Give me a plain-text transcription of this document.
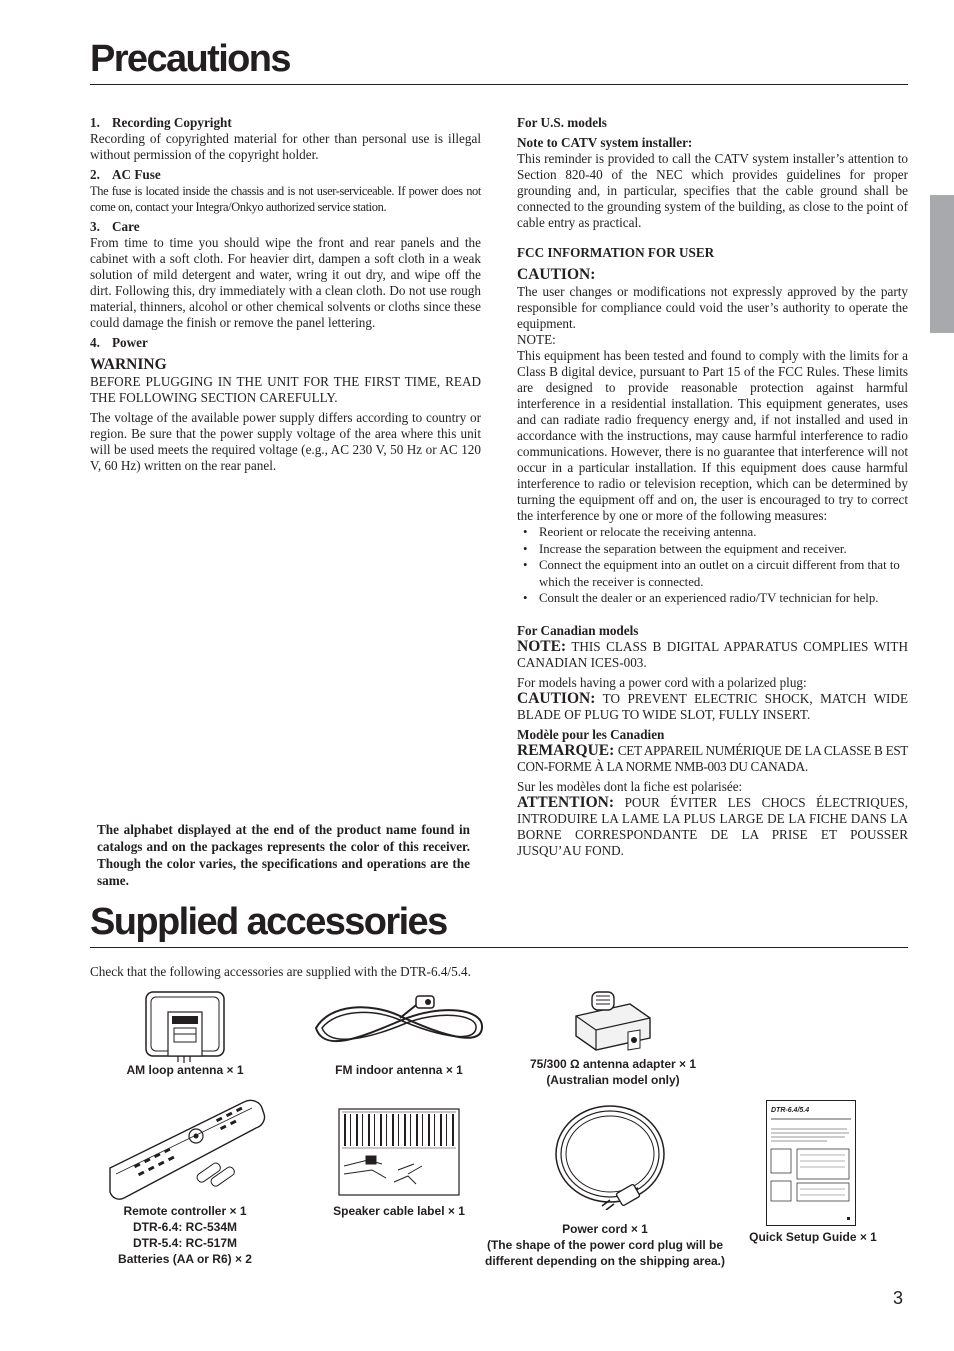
Precautions

1. Recording Copyright

Recording of copyrighted material for other than personal use is illegal without permission of the copyright holder.

2. AC Fuse

The fuse is located inside the chassis and is not user-serviceable. If power does not come on, contact your Integra/Onkyo authorized service station.

3. Care

From time to time you should wipe the front and rear panels and the cabinet with a soft cloth. For heavier dirt, dampen a soft cloth in a weak solution of mild detergent and water, wring it out dry, and wipe off the dirt. Following this, dry immediately with a clean cloth. Do not use rough material, thinners, alcohol or other chemical solvents or cloths since these could damage the finish or remove the panel lettering.

4. Power

WARNING

BEFORE PLUGGING IN THE UNIT FOR THE FIRST TIME, READ THE FOLLOWING SECTION CAREFULLY.

The voltage of the available power supply differs according to country or region. Be sure that the power supply voltage of the area where this unit will be used meets the required voltage (e.g., AC 230 V, 50 Hz or AC 120 V, 60 Hz) written on the rear panel.

The alphabet displayed at the end of the product name found in catalogs and on the packages represents the color of this receiver. Though the color varies, the specifications and operations are the same.

For U.S. models

Note to CATV system installer:

This reminder is provided to call the CATV system installer’s attention to Section 820-40 of the NEC which provides guidelines for proper grounding and, in particular, specifies that the cable ground shall be connected to the grounding system of the building, as close to the point of cable entry as practical.

FCC INFORMATION FOR USER

CAUTION:

The user changes or modifications not expressly approved by the party responsible for compliance could void the user’s authority to operate the equipment.

NOTE:

This equipment has been tested and found to comply with the limits for a Class B digital device, pursuant to Part 15 of the FCC Rules. These limits are designed to provide reasonable protection against harmful interference in a residential installation. This equipment generates, uses and can radiate radio frequency energy and, if not installed and used in accordance with the instructions, may cause harmful interference to radio communications. However, there is no guarantee that interference will not occur in a particular installation. If this equipment does cause harmful interference to radio or television reception, which can be determined by turning the equipment off and on, the user is encouraged to try to correct the interference by one or more of the following measures:

• Reorient or relocate the receiving antenna.
• Increase the separation between the equipment and receiver.
• Connect the equipment into an outlet on a circuit different from that to which the receiver is connected.
• Consult the dealer or an experienced radio/TV technician for help.

For Canadian models

NOTE: THIS CLASS B DIGITAL APPARATUS COMPLIES WITH CANADIAN ICES-003.

For models having a power cord with a polarized plug:

CAUTION: TO PREVENT ELECTRIC SHOCK, MATCH WIDE BLADE OF PLUG TO WIDE SLOT, FULLY INSERT.

Modèle pour les Canadien

REMARQUE: CET APPAREIL NUMÉRIQUE DE LA CLASSE B EST CON-FORME À LA NORME NMB-003 DU CANADA.

Sur les modèles dont la fiche est polarisée:

ATTENTION: POUR ÉVITER LES CHOCS ÉLECTRIQUES, INTRODUIRE LA LAME LA PLUS LARGE DE LA FICHE DANS LA BORNE CORRESPONDANTE DE LA PRISE ET POUSSER JUSQU’AU FOND.

Supplied accessories

Check that the following accessories are supplied with the DTR-6.4/5.4.

AM loop antenna × 1	FM indoor antenna × 1	75/300 Ω antenna adapter × 1
(Australian model only)
Remote controller × 1
DTR-6.4: RC-534M
DTR-5.4: RC-517M
Batteries (AA or R6) × 2
Speaker cable label × 1
Power cord × 1
(The shape of the power cord plug will be
different depending on the shipping area.)
DTR-6.4/5.4
Quick Setup Guide × 1
3
